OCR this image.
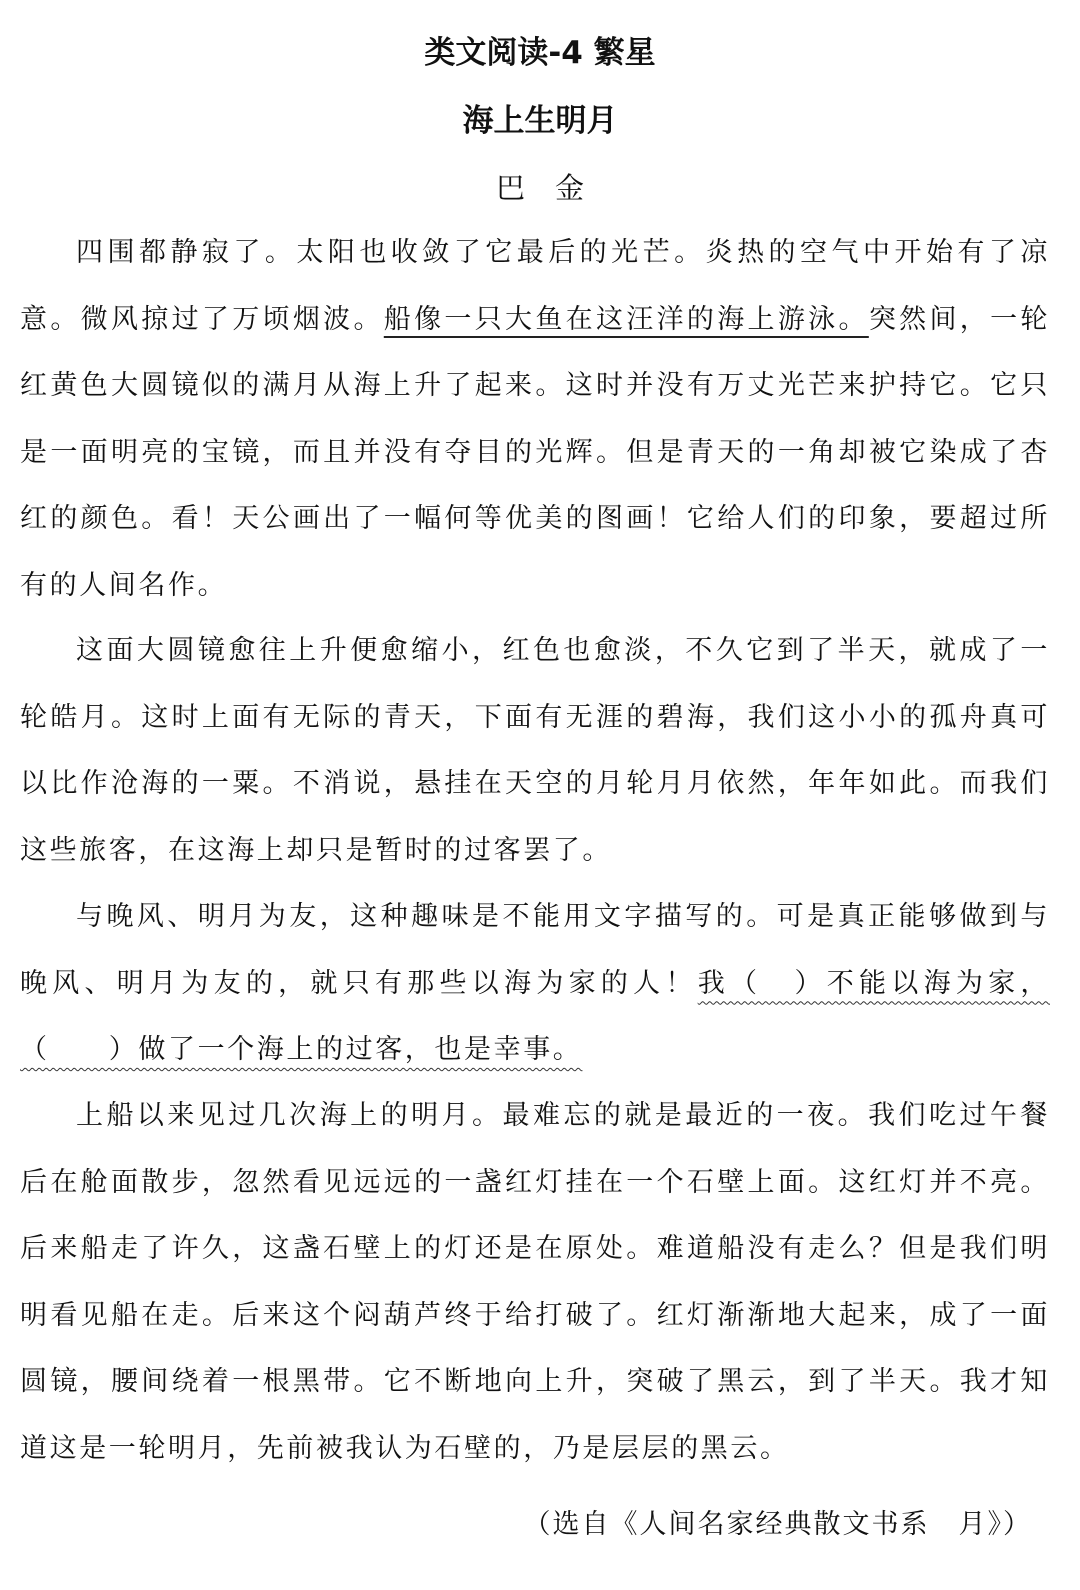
类文阅读-4 繁星
海上生明月
巴金

四围都静寂了。太阳也收敛了它最后的光芒。炎热的空气中开始有了凉意。微风掠过了万顷烟波。船像一只大鱼在这汪洋的海上游泳。突然间，一轮红黄色大圆镜似的满月从海上升了起来。这时并没有万丈光芒来护持它。它只是一面明亮的宝镜，而且并没有夺目的光辉。但是青天的一角却被它染成了杏红的颜色。看！天公画出了一幅何等优美的图画！它给人们的印象，要超过所有的人间名作。

这面大圆镜愈往上升便愈缩小，红色也愈淡，不久它到了半天，就成了一轮皓月。这时上面有无际的青天，下面有无涯的碧海，我们这小小的孤舟真可以比作沧海的一粟。不消说，悬挂在天空的月轮月月依然，年年如此。而我们这些旅客，在这海上却只是暂时的过客罢了。

与晚风、明月为友，这种趣味是不能用文字描写的。可是真正能够做到与晚风、明月为友的，就只有那些以海为家的人！我（　）不能以海为家，（　　）做了一个海上的过客，也是幸事。

上船以来见过几次海上的明月。最难忘的就是最近的一夜。我们吃过午餐后在舱面散步，忽然看见远远的一盏红灯挂在一个石壁上面。这红灯并不亮。后来船走了许久，这盏石壁上的灯还是在原处。难道船没有走么？但是我们明明看见船在走。后来这个闷葫芦终于给打破了。红灯渐渐地大起来，成了一面圆镜，腰间绕着一根黑带。它不断地向上升，突破了黑云，到了半天。我才知道这是一轮明月，先前被我认为石壁的，乃是层层的黑云。

（选自《人间名家经典散文书系　月》）
